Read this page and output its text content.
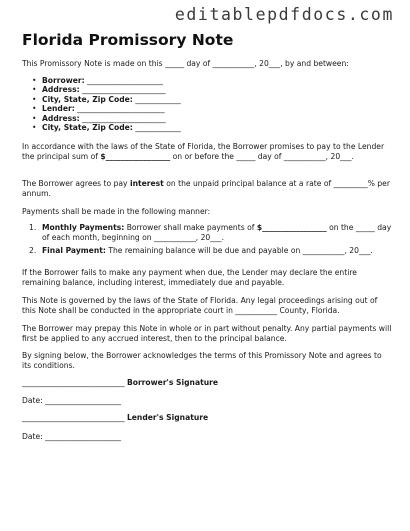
editablepdfdocs.com
Florida Promissory Note
This Promissory Note is made on this _____ day of ___________, 20___, by and between:
• Borrower: ____________________
• Address: ______________________
• City, State, Zip Code: ____________
• Lender: _______________________
• Address: ______________________
• City, State, Zip Code: ____________
In accordance with the laws of the State of Florida, the Borrower promises to pay to the Lender the principal sum of $_________________ on or before the _____ day of ___________, 20___.
The Borrower agrees to pay interest on the unpaid principal balance at a rate of _________% per annum.
Payments shall be made in the following manner:
1. Monthly Payments: Borrower shall make payments of $_________________ on the _____ day of each month, beginning on ___________, 20___.
2. Final Payment: The remaining balance will be due and payable on ___________, 20___.
If the Borrower fails to make any payment when due, the Lender may declare the entire remaining balance, including interest, immediately due and payable.
This Note is governed by the laws of the State of Florida. Any legal proceedings arising out of this Note shall be conducted in the appropriate court in ___________ County, Florida.
The Borrower may prepay this Note in whole or in part without penalty. Any partial payments will first be applied to any accrued interest, then to the principal balance.
By signing below, the Borrower acknowledges the terms of this Promissory Note and agrees to its conditions.
___________________________ Borrower's Signature
Date: ____________________
___________________________ Lender's Signature
Date: ____________________
